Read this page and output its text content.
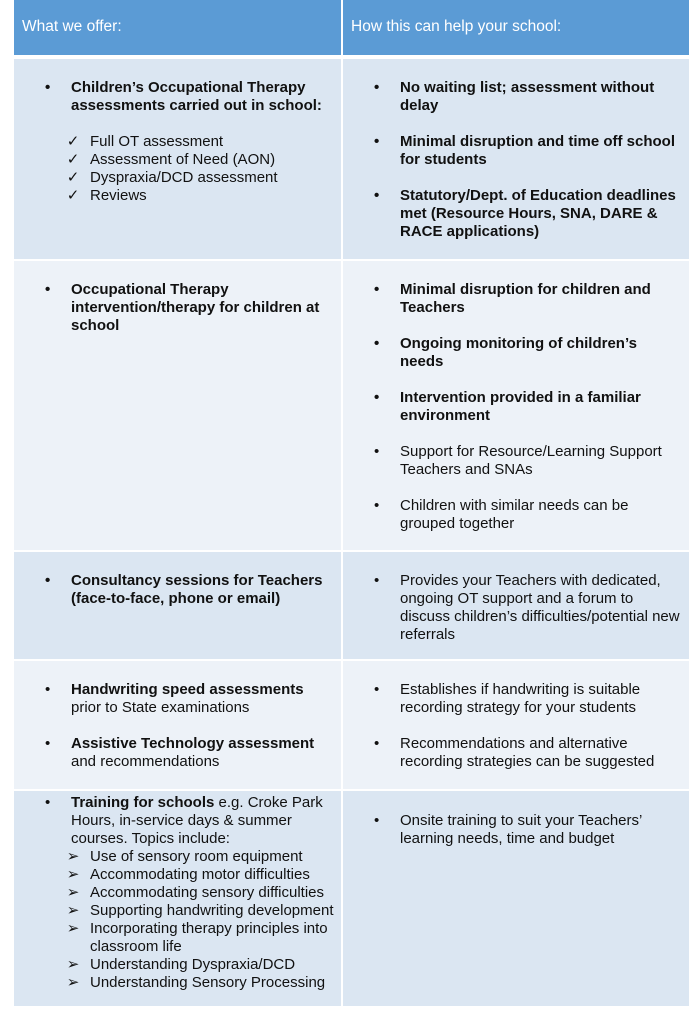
What we offer:	How this can help your school:
• Children’s Occupational Therapy assessments carried out in school:
✓ Full OT assessment
✓ Assessment of Need (AON)
✓ Dyspraxia/DCD assessment
✓ Reviews
• No waiting list; assessment without delay
• Minimal disruption and time off school for students
• Statutory/Dept. of Education deadlines met (Resource Hours, SNA, DARE & RACE applications)
• Occupational Therapy intervention/therapy for children at school
• Minimal disruption for children and Teachers
• Ongoing monitoring of children’s needs
• Intervention provided in a familiar environment
• Support for Resource/Learning Support Teachers and SNAs
• Children with similar needs can be grouped together
• Consultancy sessions for Teachers (face-to-face, phone or email)
• Provides your Teachers with dedicated, ongoing OT support and a forum to discuss children’s difficulties/potential new referrals
• Handwriting speed assessments
prior to State examinations
• Assistive Technology assessment
and recommendations
• Establishes if handwriting is suitable recording strategy for your students
• Recommendations and alternative recording strategies can be suggested
• Training for schools e.g. Croke Park Hours, in-service days & summer courses. Topics include:
➢ Use of sensory room equipment
➢ Accommodating motor difficulties
➢ Accommodating sensory difficulties
➢ Supporting handwriting development
➢ Incorporating therapy principles into classroom life
➢ Understanding Dyspraxia/DCD
➢ Understanding Sensory Processing
• Onsite training to suit your Teachers’ learning needs, time and budget
